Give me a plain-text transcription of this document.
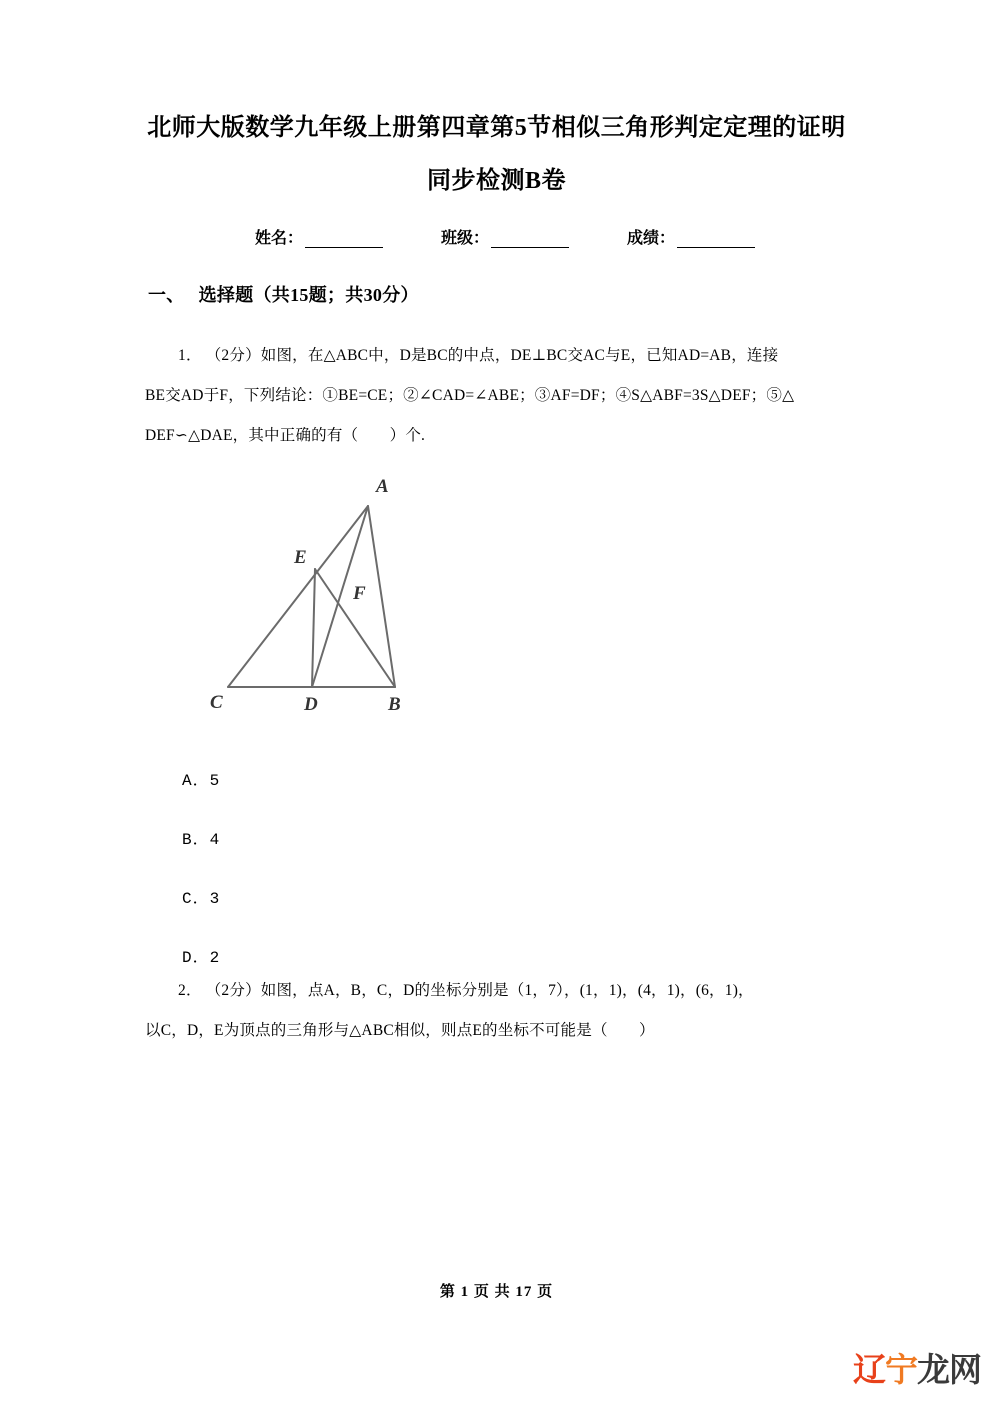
北师大版数学九年级上册第四章第5节相似三角形判定定理的证明
同步检测B卷
姓名：	班级：	成绩：
一、 选择题（共15题；共30分）
1． （2分）如图，在△ABC中，D是BC的中点，DE⊥BC交AC与E，已知AD=AB，连接
BE交AD于F，下列结论：①BE=CE；②∠CAD=∠ABE；③AF=DF；④S△ABF=3S△DEF；⑤△
DEF∽△DAE，其中正确的有（　　）个.
A
E
F
C	D	B
A．5
B．4
C．3
D．2
2． （2分）如图，点A，B，C，D的坐标分别是（1，7），(1，1)，(4，1)，(6，1)，
以C，D，E为顶点的三角形与△ABC相似，则点E的坐标不可能是（　　）
第 1 页 共 17 页
辽宁龙网
